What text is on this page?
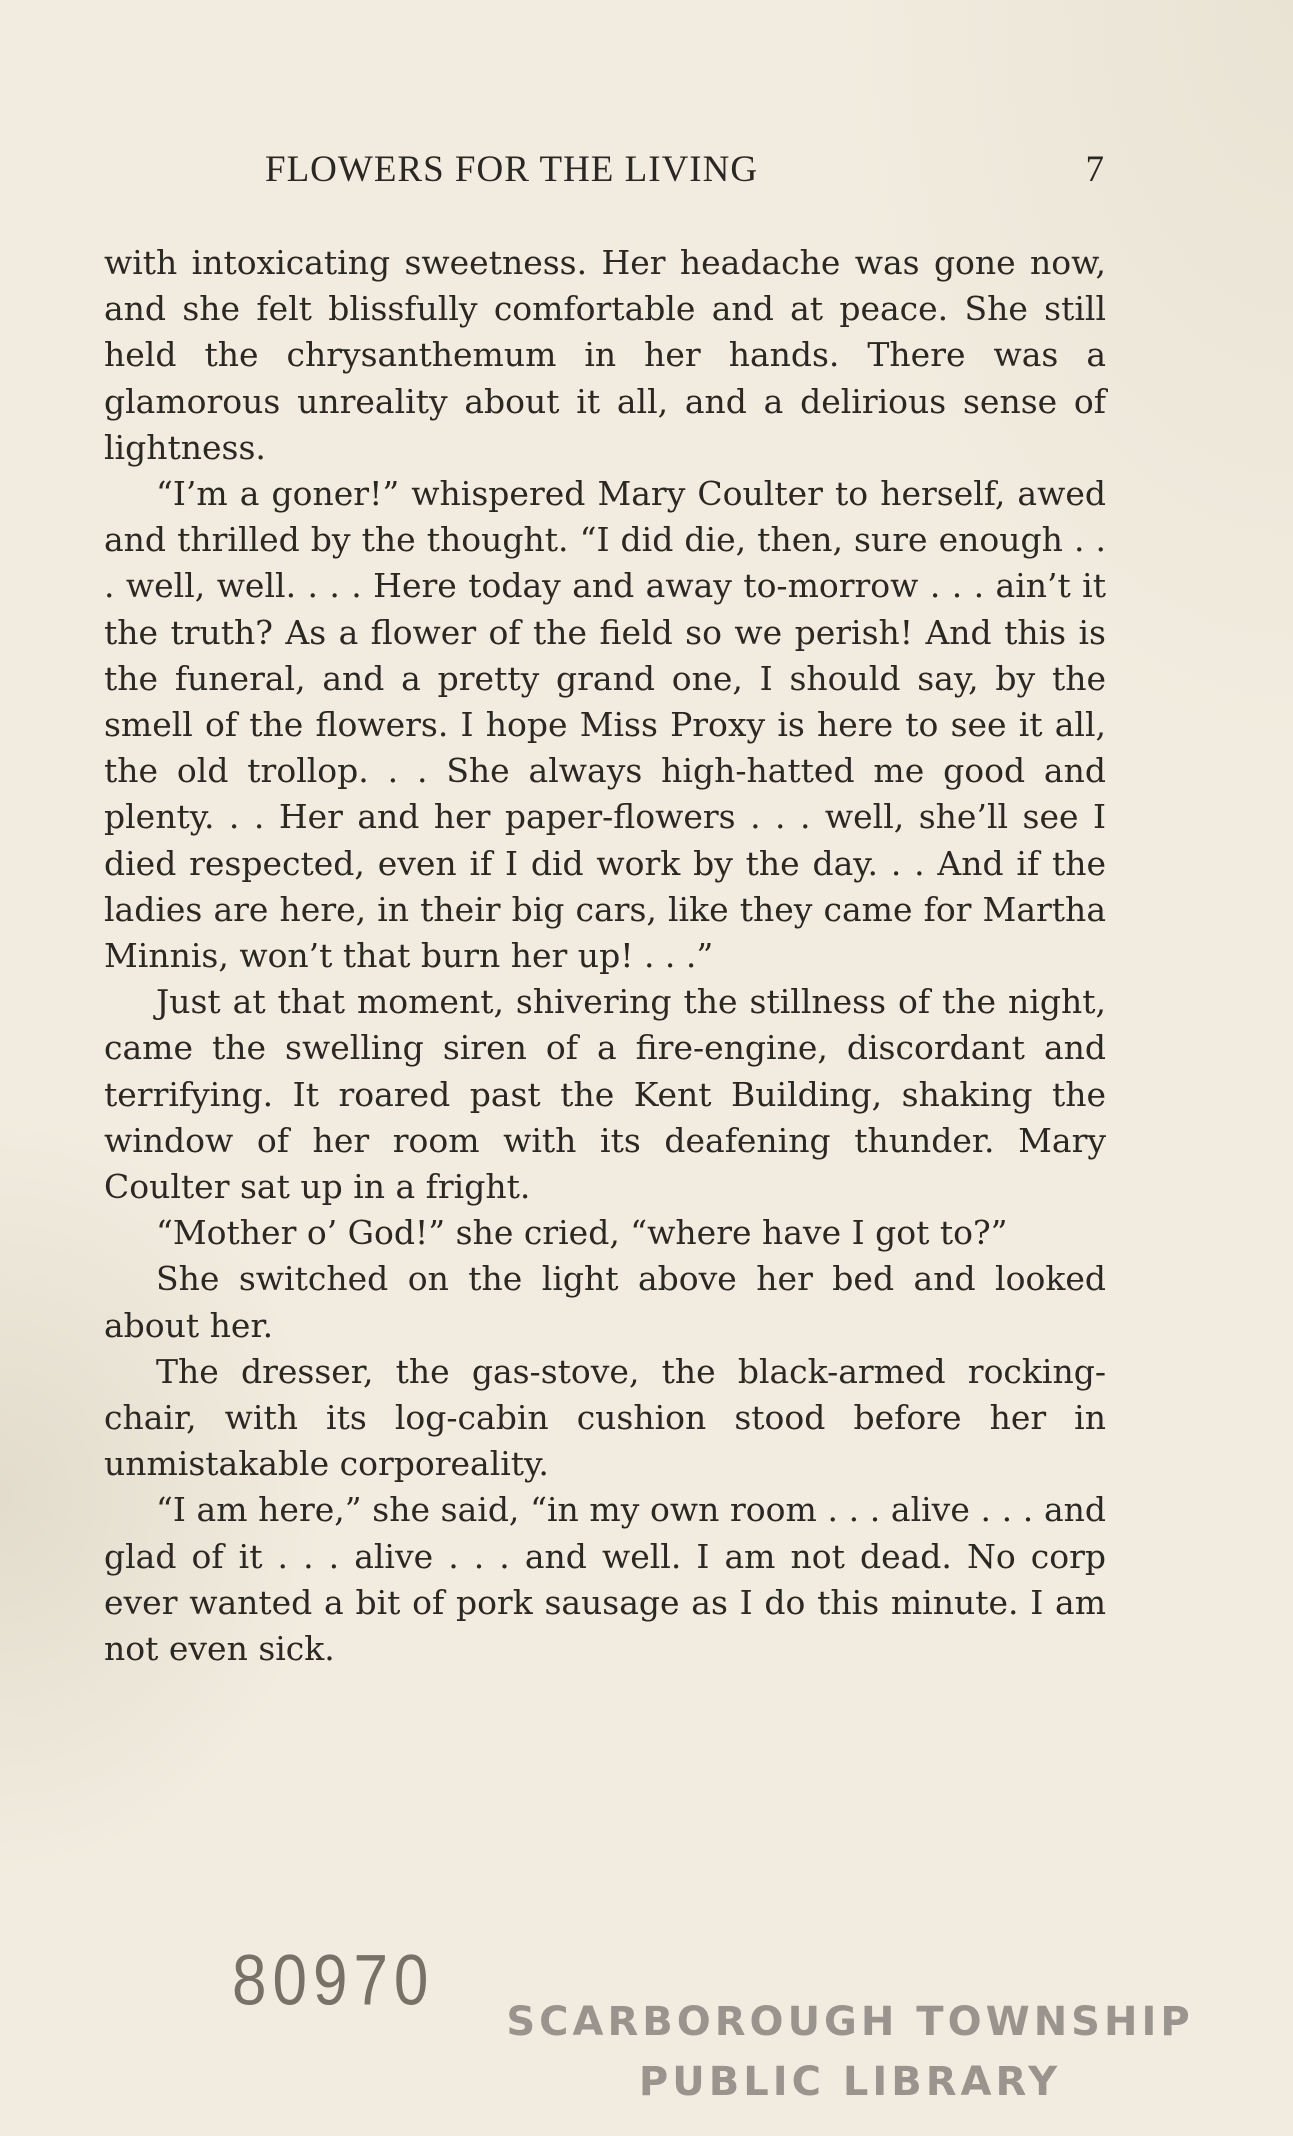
FLOWERS FOR THE LIVING	7

with intoxicating sweetness. Her headache was gone now, and she felt blissfully comfortable and at peace. She still held the chrysanthemum in her hands. There was a glamorous unreality about it all, and a delirious sense of lightness.

“I’m a goner!” whispered Mary Coulter to herself, awed and thrilled by the thought. “I did die, then, sure enough . . . well, well. . . . Here today and away to-morrow . . . ain’t it the truth? As a flower of the field so we perish! And this is the funeral, and a pretty grand one, I should say, by the smell of the flowers. I hope Miss Proxy is here to see it all, the old trollop. . . She always high-hatted me good and plenty. . . Her and her paper-flowers . . . well, she’ll see I died respected, even if I did work by the day. . . And if the ladies are here, in their big cars, like they came for Martha Minnis, won’t that burn her up! . . .”

Just at that moment, shivering the stillness of the night, came the swelling siren of a fire-engine, discordant and terrifying. It roared past the Kent Building, shaking the window of her room with its deafening thunder. Mary Coulter sat up in a fright.

“Mother o’ God!” she cried, “where have I got to?”

She switched on the light above her bed and looked about her.

The dresser, the gas-stove, the black-armed rocking-chair, with its log-cabin cushion stood before her in unmistakable corporeality.

“I am here,” she said, “in my own room . . . alive . . . and glad of it . . . alive . . . and well. I am not dead. No corp ever wanted a bit of pork sausage as I do this minute. I am not even sick.

80970
SCARBOROUGH TOWNSHIP
PUBLIC LIBRARY
